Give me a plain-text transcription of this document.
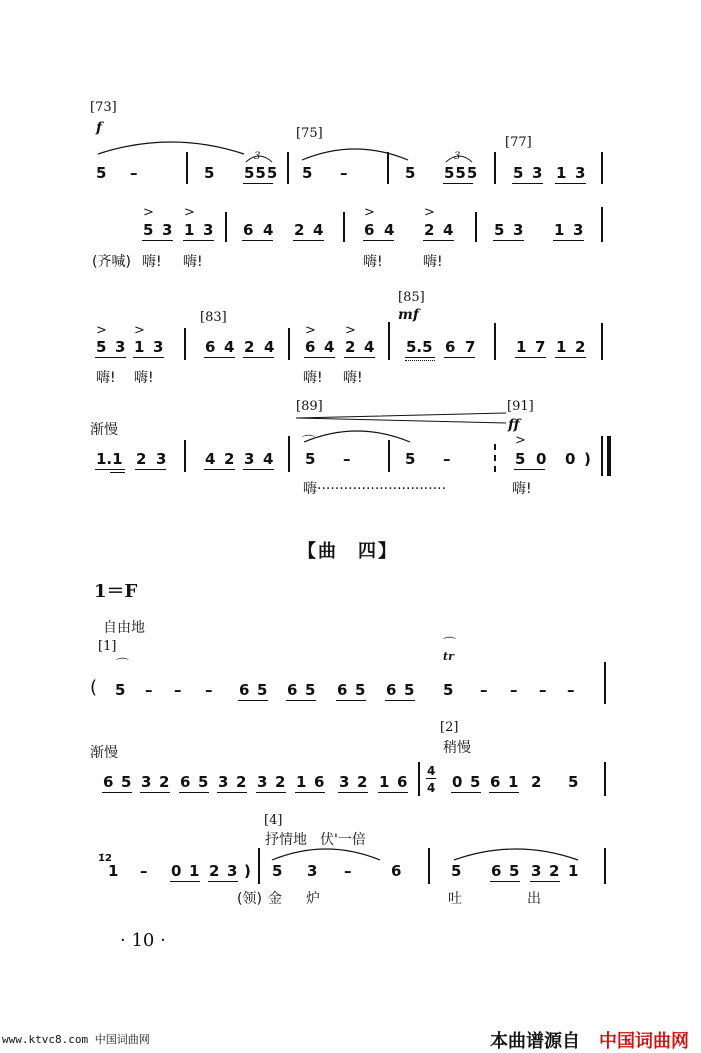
[73]
f	[75]
[77]
3	3
5 –	5 555 5 –	5 555 5 3 1 3
> >	>	>
5 3 1 3 6 4 2 4	6 4 2 4	5 3 1 3
(齐喊) 嗨! 嗨!	嗨!	嗨!
[85]
mf
[83]
> >	> >
5 3 1 3	6 4 2 4 6 4 2 4 5.5 6 7	1 7 1 2
嗨! 嗨!	嗨! 嗨!
[89]	[91]
ff
渐慢
⌒	>
1.1 2 3	4 2 3 4 5 –	5 –	5 0 0 )
嗨·····························	嗨!
【曲　四】
1＝F
自由地
[1]
⌒
tr
⌒
( 5 – – – 6 5 6 5 6 5 6 5 5 – – – –
[2]
渐慢	稍慢
6 5 3 2 6 5 3 2 3 2 1 6 3 2 1 6
4
4 0 5 6 1 2 5
[4]
抒情地 伏'一倍
1̇2
1 – 0 1 2 3 ) 5 3 –	6	5 6 5 3 2 1
(领) 金 炉	吐	出
· 10 ·
www.ktvc8.com 中国词曲网	本曲谱源自 中国词曲网
